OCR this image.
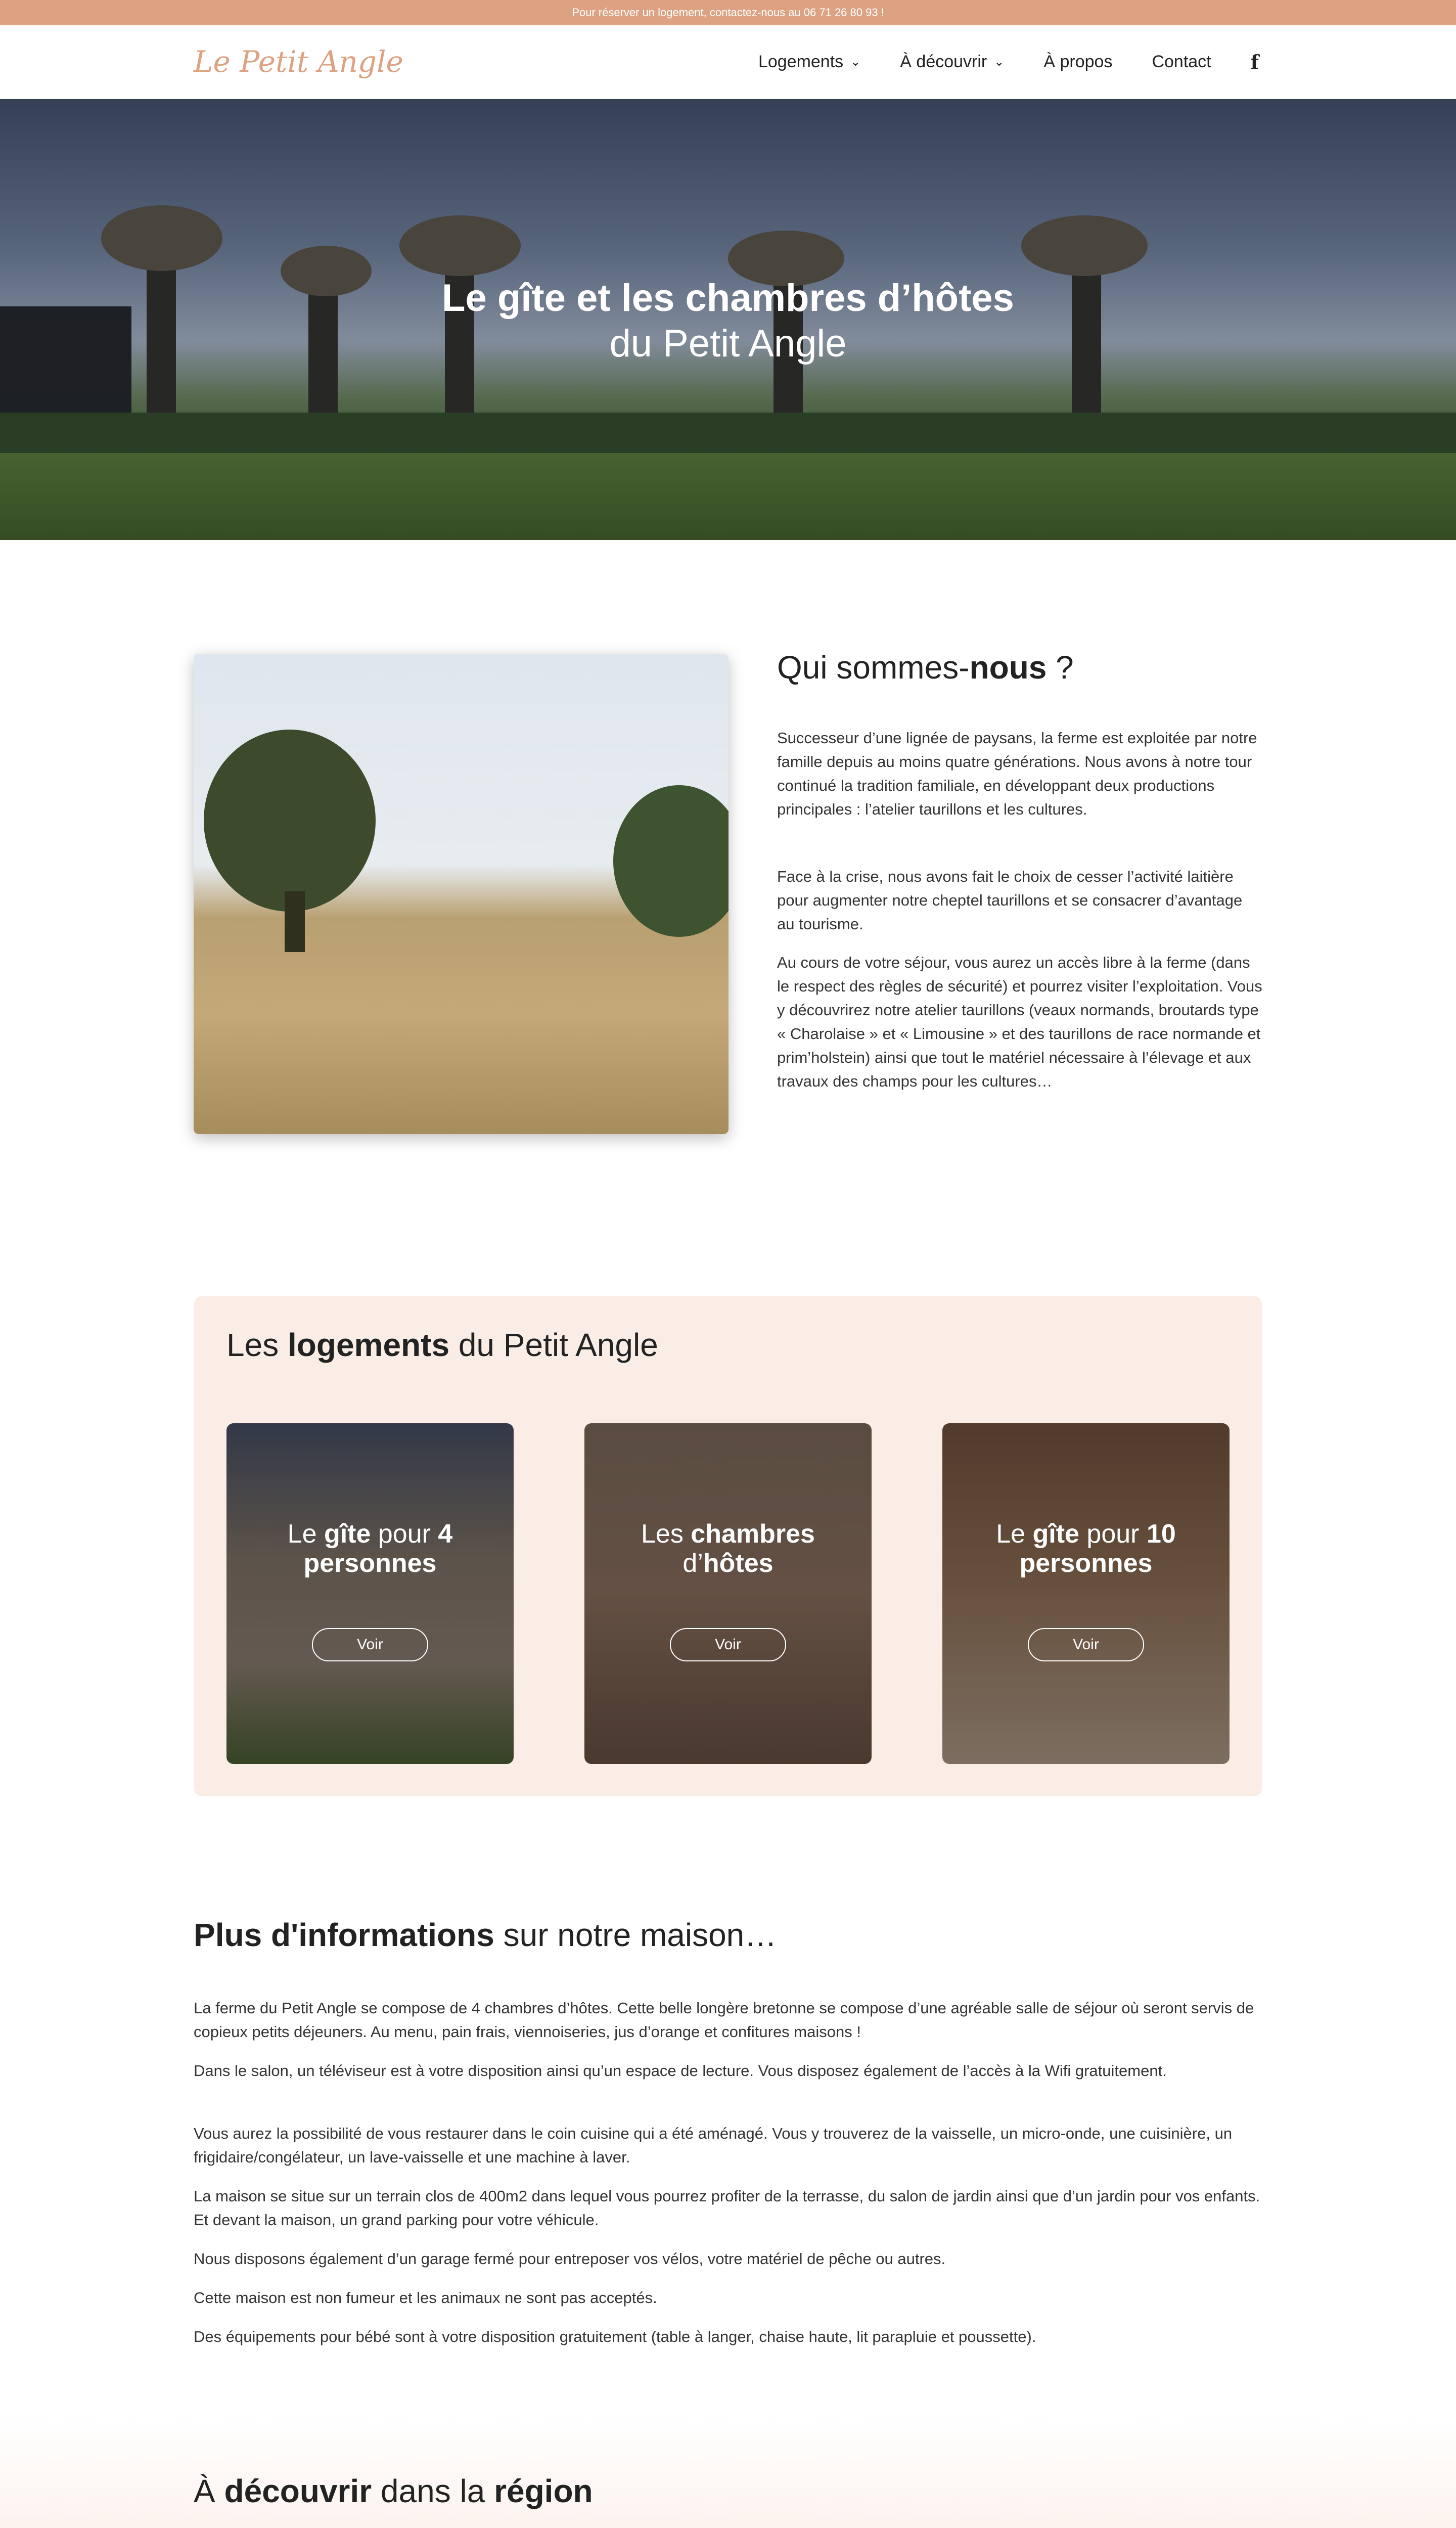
Pour réserver un logement, contactez-nous au 06 71 26 80 93 !
Le Petit Angle	Logements ⌄ À découvrir ⌄ À propos Contact f
Le gîte et les chambres d’hôtes
du Petit Angle
Qui sommes-nous ?

Successeur d’une lignée de paysans, la ferme est exploitée par notre famille depuis au moins quatre générations. Nous avons à notre tour continué la tradition familiale, en développant deux productions principales : l’atelier taurillons et les cultures.

Face à la crise, nous avons fait le choix de cesser l’activité laitière pour augmenter notre cheptel taurillons et se consacrer d’avantage au tourisme.

Au cours de votre séjour, vous aurez un accès libre à la ferme (dans le respect des règles de sécurité) et pourrez visiter l’exploitation. Vous y découvrirez notre atelier taurillons (veaux normands, broutards type « Charolaise » et « Limousine » et des taurillons de race normande et prim’holstein) ainsi que tout le matériel nécessaire à l’élevage et aux travaux des champs pour les cultures…

Les logements du Petit Angle
Le gîte pour 4
personnes
Voir
Les chambres
d’hôtes
Voir
Le gîte pour 10
personnes
Voir
Plus d'informations sur notre maison…

La ferme du Petit Angle se compose de 4 chambres d’hôtes. Cette belle longère bretonne se compose d’une agréable salle de séjour où seront servis de copieux petits déjeuners. Au menu, pain frais, viennoiseries, jus d’orange et confitures maisons !

Dans le salon, un téléviseur est à votre disposition ainsi qu’un espace de lecture. Vous disposez également de l’accès à la Wifi gratuitement.

Vous aurez la possibilité de vous restaurer dans le coin cuisine qui a été aménagé. Vous y trouverez de la vaisselle, un micro-onde, une cuisinière, un frigidaire/congélateur, un lave-vaisselle et une machine à laver.

La maison se situe sur un terrain clos de 400m2 dans lequel vous pourrez profiter de la terrasse, du salon de jardin ainsi que d’un jardin pour vos enfants. Et devant la maison, un grand parking pour votre véhicule.

Nous disposons également d’un garage fermé pour entreposer vos vélos, votre matériel de pêche ou autres.

Cette maison est non fumeur et les animaux ne sont pas acceptés.

Des équipements pour bébé sont à votre disposition gratuitement (table à langer, chaise haute, lit parapluie et poussette).

À découvrir dans la région
